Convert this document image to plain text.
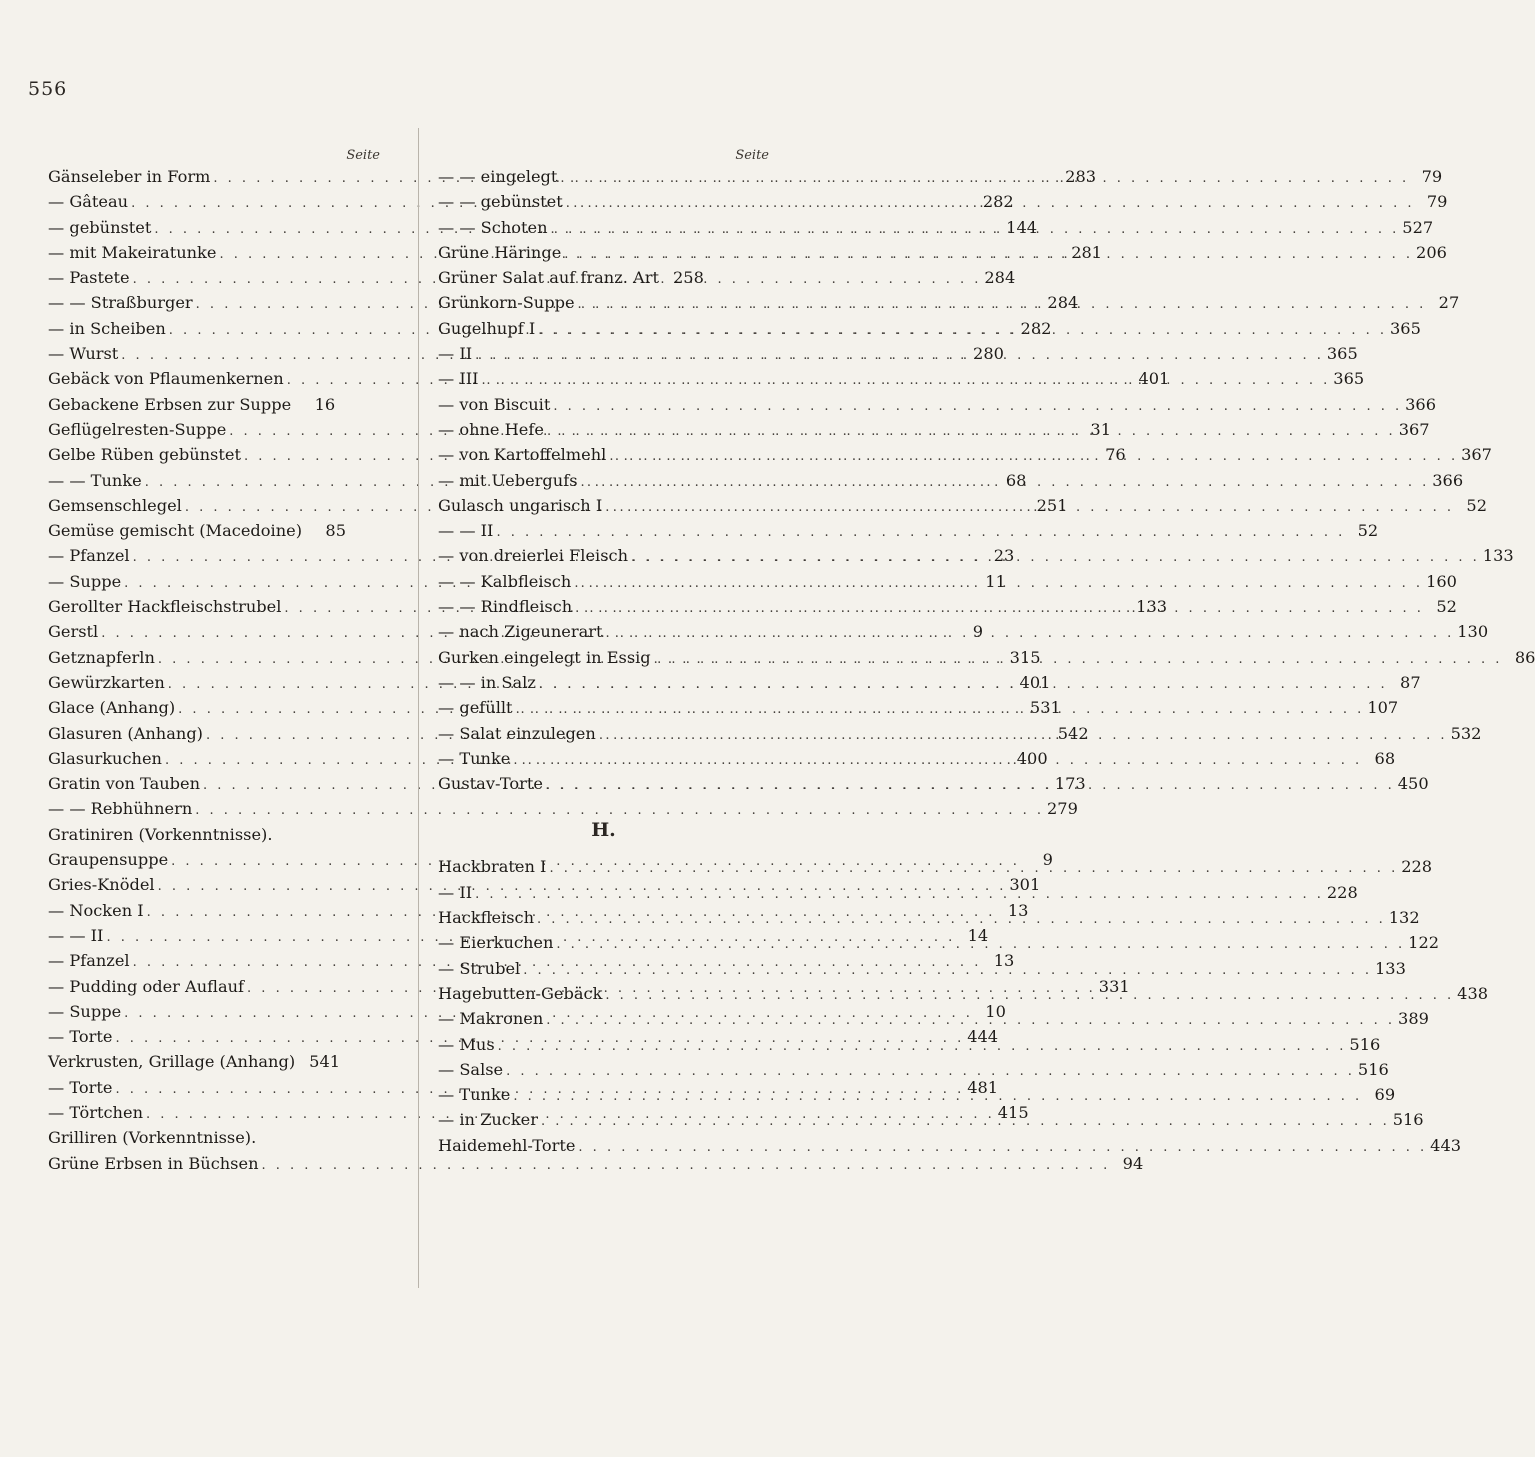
556
Seite
Gänseleber in Form . . .	283
— Gâteau . . .	282
— gebünstet . . .	144
— mit Makeiratunke . . .	281
— Pastete . . .	284
— — Straßburger . . .	284
— in Scheiben . . .	282
— Wurst . . .	280
Gebäck von Pflaumenkernen . . .	401
Gebackene Erbsen zur Suppe	16
Geflügelresten-Suppe . . .	31
Gelbe Rüben gebünstet . . .	76
— — Tunke . . .	68
Gemsenschlegel . . .	251
Gemüse gemischt (Macedoine)	85
— Pfanzel . . .	23
— Suppe . . .	11
Gerollter Hackfleischstrubel . . .	133
Gerstl . . .	9
Getznapferln . . .	315
Gewürzkarten . . .	401
Glace (Anhang) . . .	531
Glasuren (Anhang) . . .	542
Glasurkuchen . . .	400
Gratin von Tauben . . .	173
— — Rebhühnern . . .	279
Gratiniren (Vorkenntnisse).
Graupensuppe . . .	9
Gries-Knödel . . .	301
— Nocken I . . .	13
— — II . . .	14
— Pfanzel . . .	13
— Pudding oder Auflauf . . .	331
— Suppe . . .	10
— Torte . . .	444
Verkrusten, Grillage (Anhang) 541
— Torte . . .	481
— Törtchen . . .	415
Grilliren (Vorkenntnisse).
Grüne Erbsen in Büchsen . . .	94
Seite
— — eingelegt . . .	79
— — gebünstet . . .	79
— — Schoten . . .	527
Grüne Häringe . . .	206
Grüner Salat auf franz. Art 258
Grünkorn-Suppe . . .	27
Gugelhupf I . . .	365
— II . . .	365
— III . . .	365
— von Biscuit . . .	366
— ohne Hefe . . .	367
— von Kartoffelmehl . . .	367
— mit Uebergufs . . .	366
Gulasch ungarisch I . . .	52
— — II . . .	52
— von dreierlei Fleisch . . .	133
— — Kalbfleisch . . .	160
— — Rindfleisch . . .	52
— nach Zigeunerart . . .	130
Gurken eingelegt in Essig . . .	86
— — in Salz . . .	87
— gefüllt . . .	107
— Salat einzulegen . . .	532
— Tunke . . .	68
Gustav-Torte . . .	450
H.
Hackbraten I . . .	228
— II . . .	228
Hackfleisch . . .	132
— Eierkuchen . . .	122
— Strubel . . .	133
Hagebutten-Gebäck . . .	438
— Makronen . . .	389
— Mus . . .	516
— Salse . . .	516
— Tunke . . .	69
— in Zucker . . .	516
Haidemehl-Torte . . .	443
